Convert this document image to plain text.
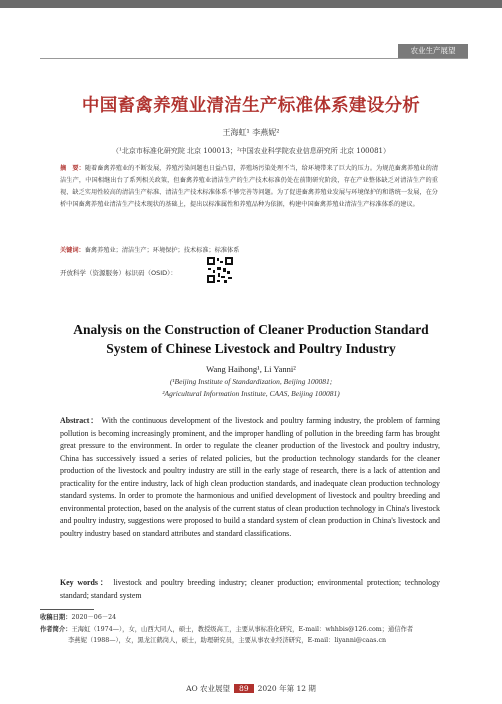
农业生产展望
中国畜禽养殖业清洁生产标准体系建设分析
王海虹¹ 李燕妮²
（¹北京市标准化研究院 北京 100013；²中国农业科学院农业信息研究所 北京 100081）
摘　要：随着畜禽养殖业的不断发展，养殖污染问题也日益凸显，养殖场污染处理不当，给环境带来了巨大的压力。为规范畜禽养殖业的清洁生产，中国相继出台了系列相关政策，但畜禽养殖业清洁生产的生产技术标准仍处在前期研究阶段，存在产业整体缺乏对清洁生产的重视、缺乏实用性较高的清洁生产标准、清洁生产技术标准体系不够完善等问题。为了促进畜禽养殖业发展与环境保护的和谐统一发展，在分析中国畜禽养殖业清洁生产技术现状的基础上，提出以标准属性和养殖品种为依据，构建中国畜禽养殖业清洁生产标准体系的建议。
关键词：畜禽养殖业；清洁生产；环境保护；技术标准；标准体系
开放科学（资源服务）标识码（OSID）：
Analysis on the Construction of Cleaner Production Standard
System of Chinese Livestock and Poultry Industry
Wang Haihong¹, Li Yanni²
(¹Beijing Institute of Standardization, Beijing 100081;
²Agricultural Information Institute, CAAS, Beijing 100081)
Abstract： With the continuous development of the livestock and poultry farming industry, the problem of farming pollution is becoming increasingly prominent, and the improper handling of pollution in the breeding farm has brought great pressure to the environment. In order to regulate the cleaner production of the livestock and poultry industry, China has successively issued a series of related policies, but the production technology standards for the cleaner production of the livestock and poultry industry are still in the early stage of research, there is a lack of attention and practicality for the entire industry, lack of high clean production standards, and inadequate clean production technology standard systems. In order to promote the harmonious and unified development of livestock and poultry breeding and environmental protection, based on the analysis of the current status of clean production technology in China's livestock and poultry industry, suggestions were proposed to build a standard system of clean production in China's livestock and poultry industry based on standard attributes and standard classifications.
Key words： livestock and poultry breeding industry; cleaner production; environmental protection; technology standard; standard system
收稿日期：2020－06－24
作者简介：王海虹（1974—），女，山西大同人，硕士，教授级高工，主要从事标准化研究，E-mail：whhbis@126.com；通信作者
李燕妮（1988—），女，黑龙江鹤岗人，硕士，助理研究员，主要从事农业经济研究，E-mail：liyanni@caas.cn
AO 农业展望 89 2020 年第 12 期
